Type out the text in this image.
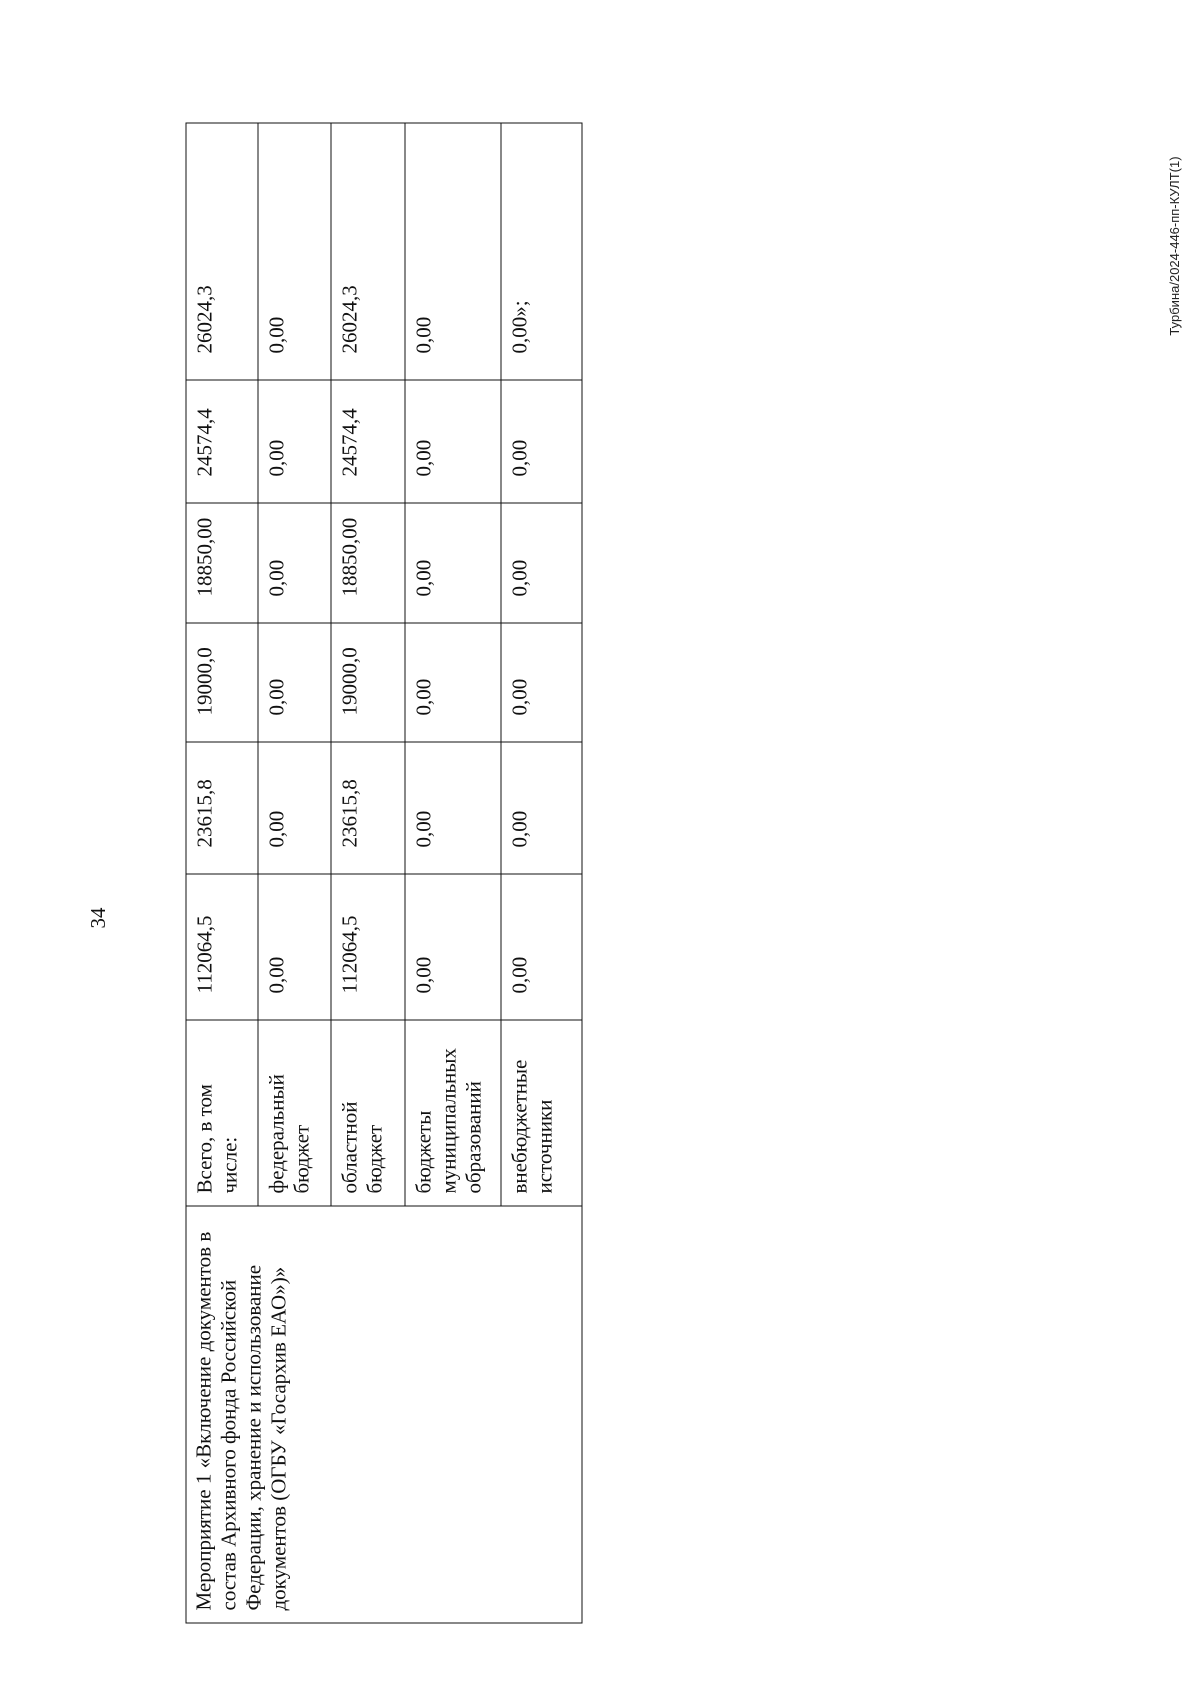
34
Мероприятие 1 «Включение документов в состав Архивного фонда Российской Федерации, хранение и использование документов (ОГБУ «Госархив ЕАО»)»	Всего, в том числе:	112064,5	23615,8	19000,0	18850,00	24574,4	26024,3
	федеральный бюджет	0,00	0,00	0,00	0,00	0,00	0,00
	областной бюджет	112064,5	23615,8	19000,0	18850,00	24574,4	26024,3
	бюджеты муниципальных образований	0,00	0,00	0,00	0,00	0,00	0,00
	внебюджетные источники	0,00	0,00	0,00	0,00	0,00	0,00»;	Турбина/2024-446-пп-КУЛТ(1)
